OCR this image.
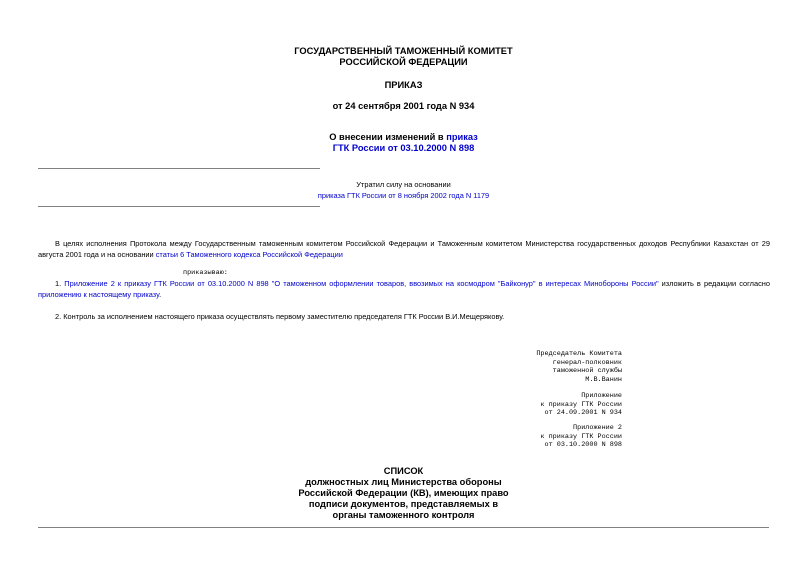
ГОСУДАРСТВЕННЫЙ ТАМОЖЕННЫЙ КОМИТЕТ
РОССИЙСКОЙ ФЕДЕРАЦИИ
ПРИКАЗ
от 24 сентября 2001 года N 934
О внесении изменений в приказ
ГТК России от 03.10.2000 N 898
Утратил силу на основании
приказа ГТК России от 8 ноября 2002 года N 1179
В целях исполнения Протокола между Государственным таможенным комитетом Российской Федерации и Таможенным комитетом Министерства государственных доходов Республики Казахстан от 29 августа 2001 года и на основании статьи 6 Таможенного кодекса Российской Федерации
приказываю:
1. Приложение 2 к приказу ГТК России от 03.10.2000 N 898 "О таможенном оформлении товаров, ввозимых на космодром "Байконур" в интересах Минобороны России" изложить в редакции согласно приложению к настоящему приказу.
2. Контроль за исполнением настоящего приказа осуществлять первому заместителю председателя ГТК России В.И.Мещерякову.
Председатель Комитета
генерал-полковник
таможенной службы
М.В.Ванин
Приложение
к приказу ГТК России
от 24.09.2001 N 934
Приложение 2
к приказу ГТК России
от 03.10.2000 N 898
СПИСОК
должностных лиц Министерства обороны
Российской Федерации (КВ), имеющих право
подписи документов, представляемых в
органы таможенного контроля
